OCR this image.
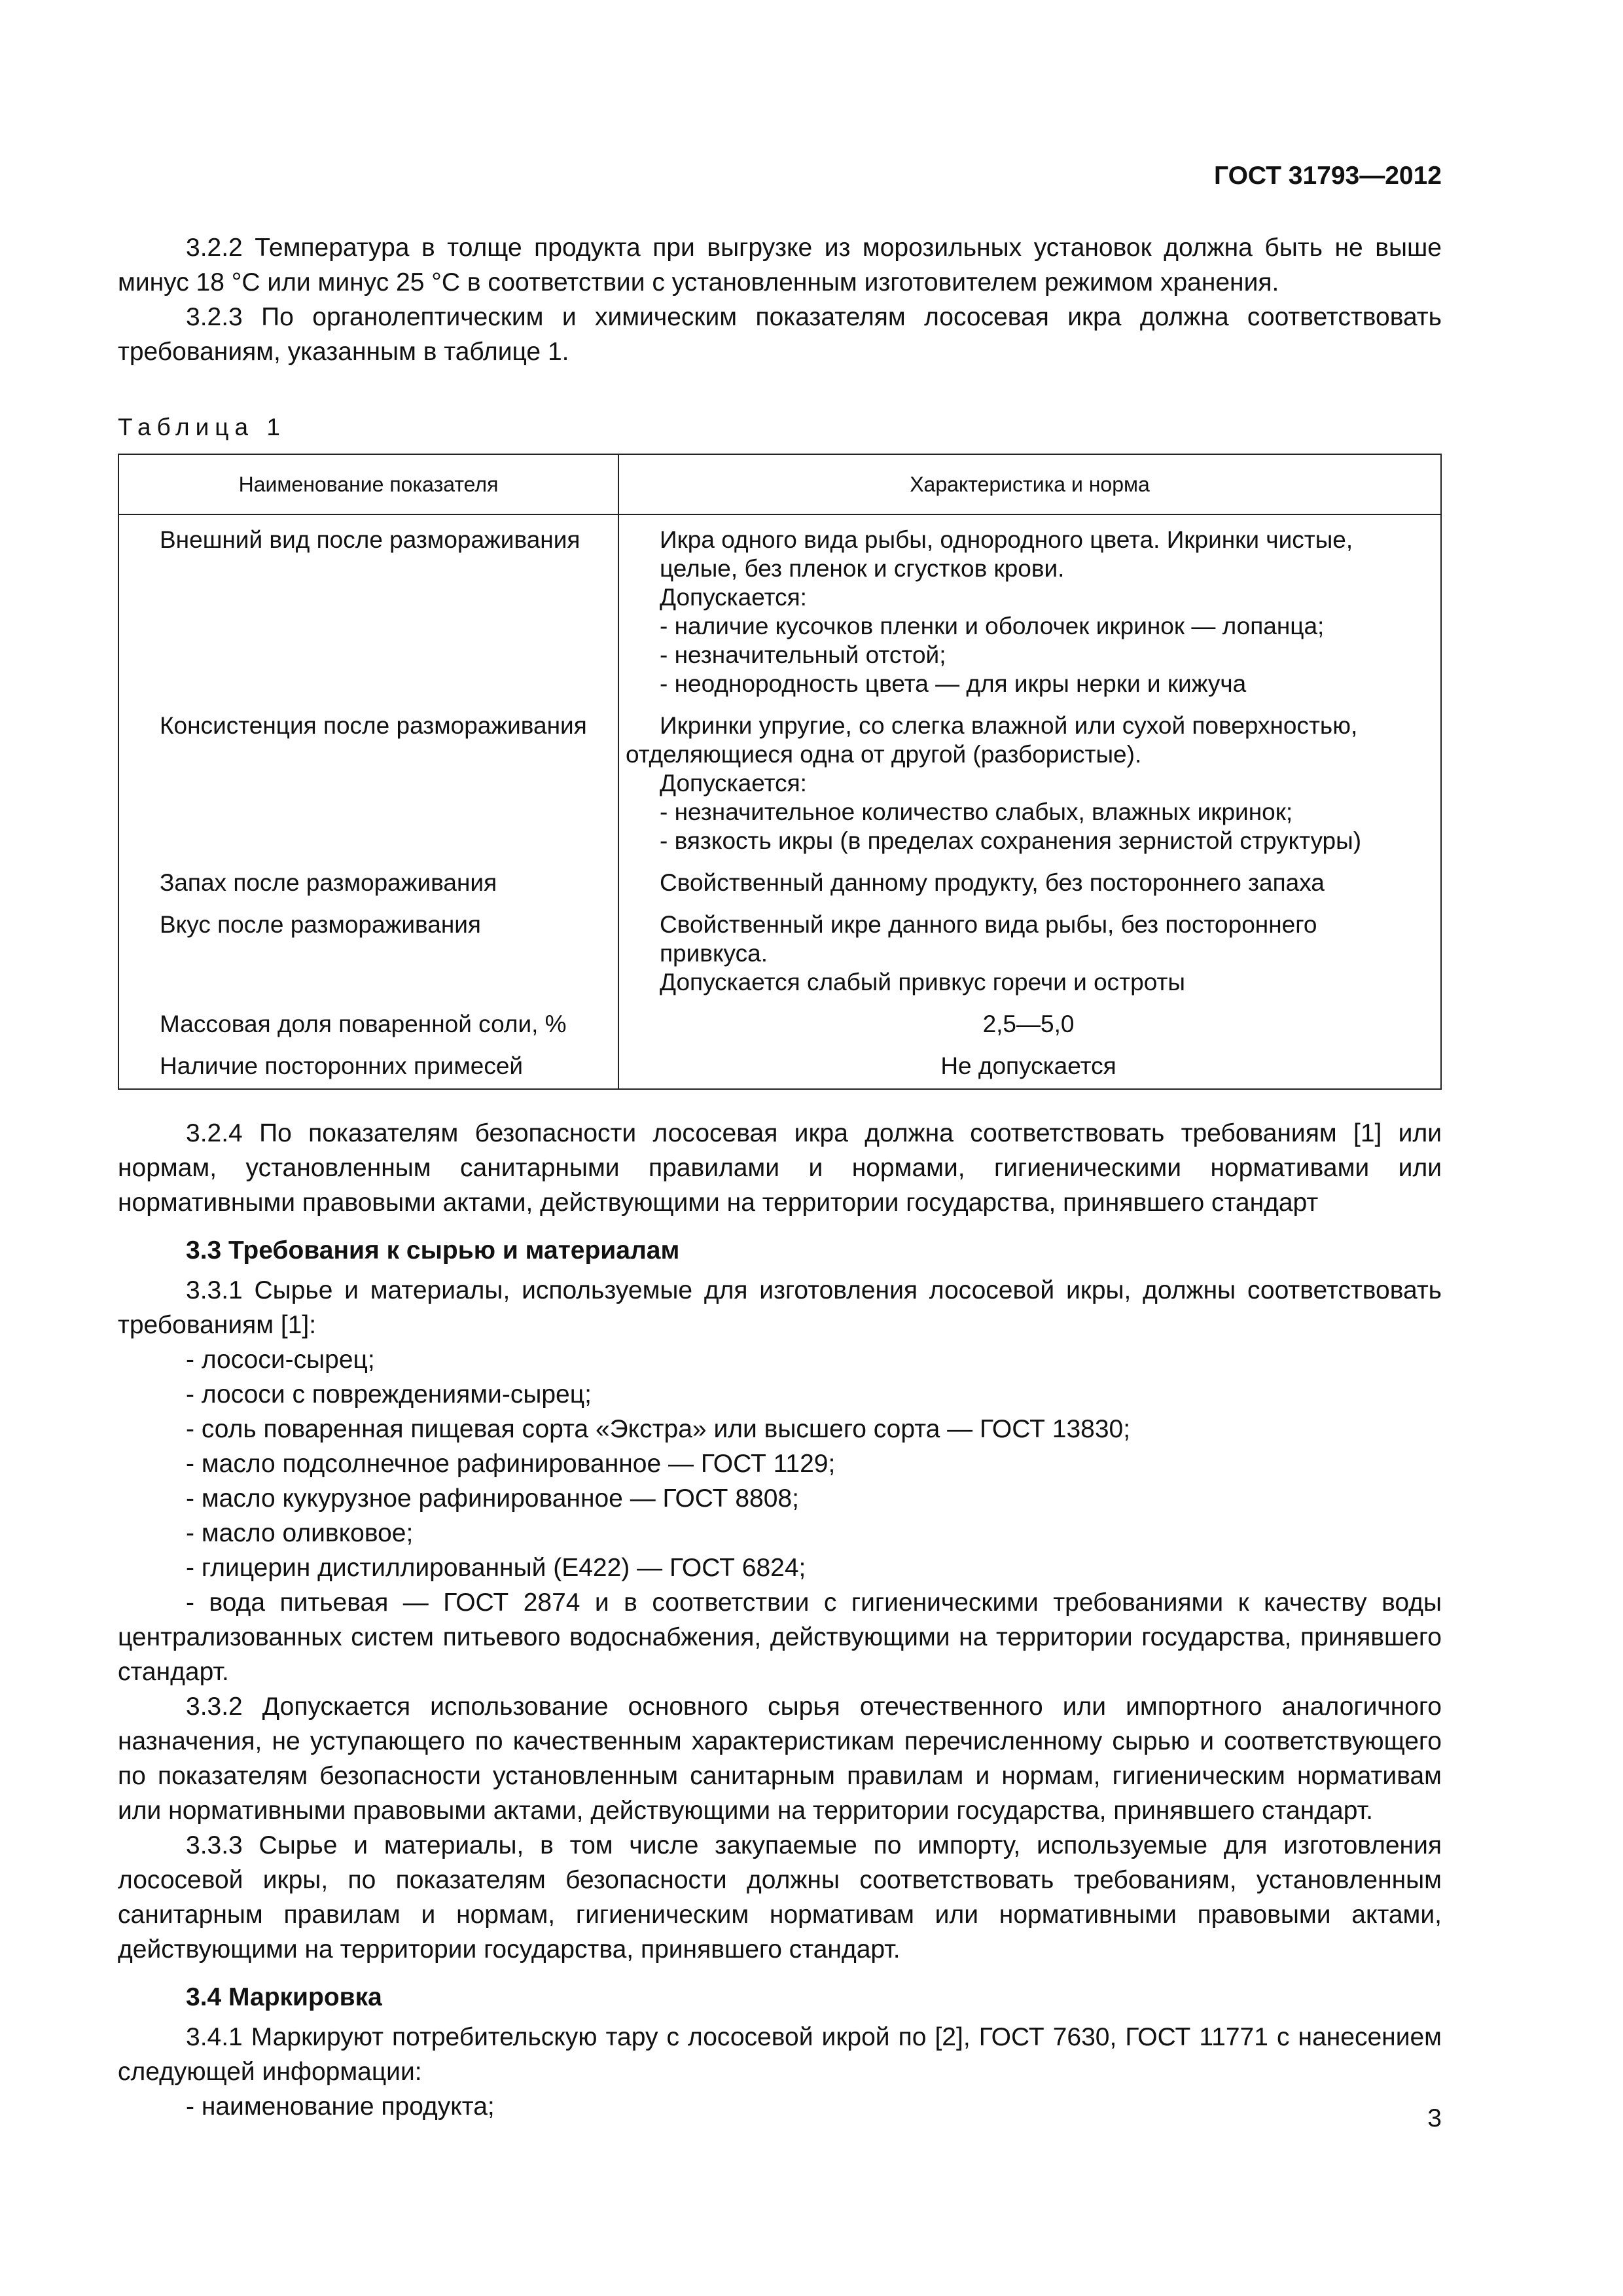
ГОСТ 31793—2012

3.2.2 Температура в толще продукта при выгрузке из морозильных установок должна быть не выше минус 18 °С или минус 25 °С в соответствии с установленным изготовителем режимом хранения.

3.2.3 По органолептическим и химическим показателям лососевая икра должна соответствовать требованиям, указанным в таблице 1.

Таблица 1

Наименование показателя	Характеристика и норма
Внешний вид после размораживания	Икра одного вида рыбы, однородного цвета. Икринки чистые, целые, без пленок и сгустков крови.
Допускается:
- наличие кусочков пленки и оболочек икринок — лопанца;
- незначительный отстой;
- неоднородность цвета — для икры нерки и кижуча

Консистенция после размораживания	Икринки упругие, со слегка влажной или сухой поверхностью, отделяющиеся одна от другой (разбористые).
Допускается:
- незначительное количество слабых, влажных икринок;
- вязкость икры (в пределах сохранения зернистой структуры)

Запах после размораживания	Свойственный данному продукту, без постороннего запаха

Вкус после размораживания	Свойственный икре данного вида рыбы, без постороннего привкуса.
Допускается слабый привкус горечи и остроты

Массовая доля поваренной соли, %	2,5—5,0

Наличие посторонних примесей	Не допускается

3.2.4 По показателям безопасности лососевая икра должна соответствовать требованиям [1] или нормам, установленным санитарными правилами и нормами, гигиеническими нормативами или нормативными правовыми актами, действующими на территории государства, принявшего стандарт

3.3 Требования к сырью и материалам

3.3.1 Сырье и материалы, используемые для изготовления лососевой икры, должны соответствовать требованиям [1]:

- лососи-сырец;
- лососи с повреждениями-сырец;
- соль поваренная пищевая сорта «Экстра» или высшего сорта — ГОСТ 13830;
- масло подсолнечное рафинированное — ГОСТ 1129;
- масло кукурузное рафинированное — ГОСТ 8808;
- масло оливковое;
- глицерин дистиллированный (Е422) — ГОСТ 6824;

- вода питьевая — ГОСТ 2874 и в соответствии с гигиеническими требованиями к качеству воды централизованных систем питьевого водоснабжения, действующими на территории государства, принявшего стандарт.

3.3.2 Допускается использование основного сырья отечественного или импортного аналогичного назначения, не уступающего по качественным характеристикам перечисленному сырью и соответствующего по показателям безопасности установленным санитарным правилам и нормам, гигиеническим нормативам или нормативными правовыми актами, действующими на территории государства, принявшего стандарт.

3.3.3 Сырье и материалы, в том числе закупаемые по импорту, используемые для изготовления лососевой икры, по показателям безопасности должны соответствовать требованиям, установленным санитарным правилам и нормам, гигиеническим нормативам или нормативными правовыми актами, действующими на территории государства, принявшего стандарт.

3.4 Маркировка

3.4.1 Маркируют потребительскую тару с лососевой икрой по [2], ГОСТ 7630, ГОСТ 11771 с нанесением следующей информации:

- наименование продукта;	3
